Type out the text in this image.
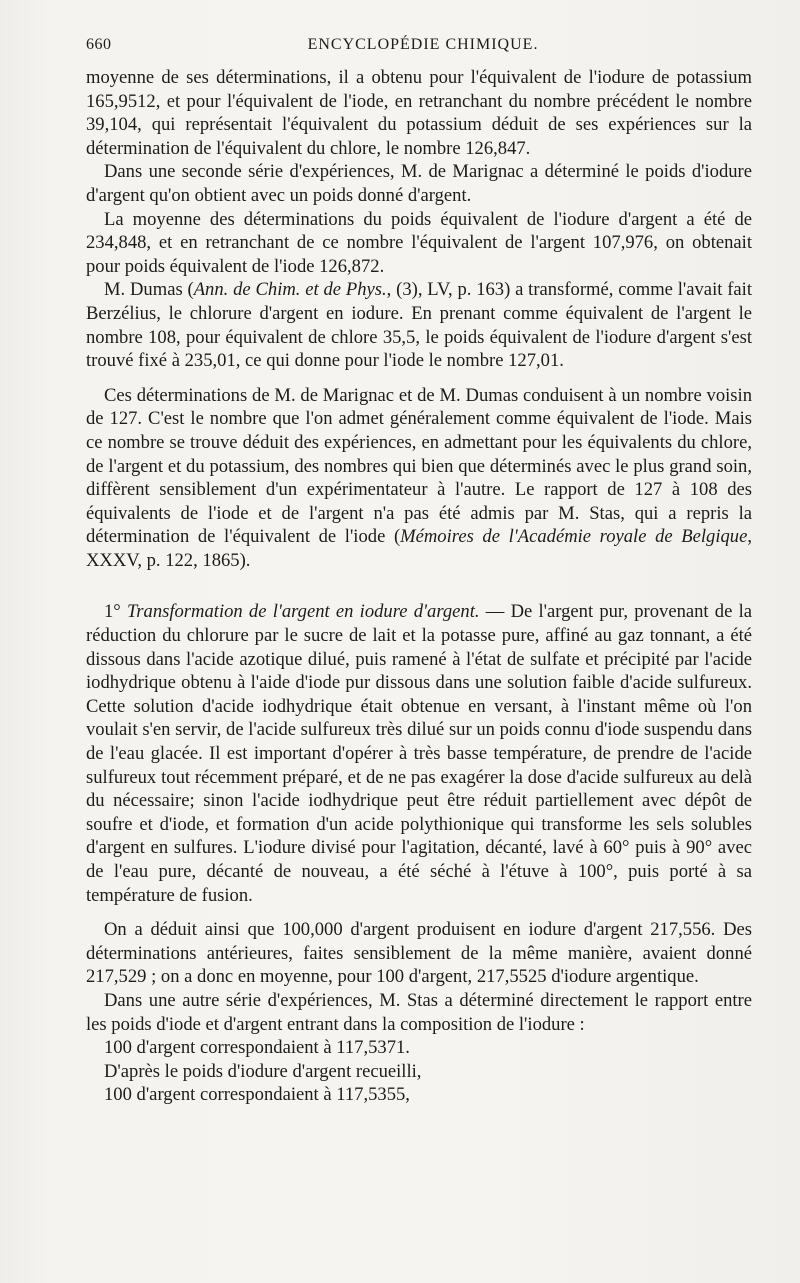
660	ENCYCLOPÉDIE CHIMIQUE.

moyenne de ses déterminations, il a obtenu pour l'équivalent de l'iodure de potassium 165,9512, et pour l'équivalent de l'iode, en retranchant du nombre précédent le nombre 39,104, qui représentait l'équivalent du potassium déduit de ses expériences sur la détermination de l'équivalent du chlore, le nombre 126,847.

Dans une seconde série d'expériences, M. de Marignac a déterminé le poids d'iodure d'argent qu'on obtient avec un poids donné d'argent.

La moyenne des déterminations du poids équivalent de l'iodure d'argent a été de 234,848, et en retranchant de ce nombre l'équivalent de l'argent 107,976, on obtenait pour poids équivalent de l'iode 126,872.

M. Dumas (Ann. de Chim. et de Phys., (3), LV, p. 163) a transformé, comme l'avait fait Berzélius, le chlorure d'argent en iodure. En prenant comme équivalent de l'argent le nombre 108, pour équivalent de chlore 35,5, le poids équivalent de l'iodure d'argent s'est trouvé fixé à 235,01, ce qui donne pour l'iode le nombre 127,01.

Ces déterminations de M. de Marignac et de M. Dumas conduisent à un nombre voisin de 127. C'est le nombre que l'on admet généralement comme équivalent de l'iode. Mais ce nombre se trouve déduit des expériences, en admettant pour les équivalents du chlore, de l'argent et du potassium, des nombres qui bien que déterminés avec le plus grand soin, diffèrent sensiblement d'un expérimentateur à l'autre. Le rapport de 127 à 108 des équivalents de l'iode et de l'argent n'a pas été admis par M. Stas, qui a repris la détermination de l'équivalent de l'iode (Mémoires de l'Académie royale de Belgique, XXXV, p. 122, 1865).

1° Transformation de l'argent en iodure d'argent. — De l'argent pur, provenant de la réduction du chlorure par le sucre de lait et la potasse pure, affiné au gaz tonnant, a été dissous dans l'acide azotique dilué, puis ramené à l'état de sulfate et précipité par l'acide iodhydrique obtenu à l'aide d'iode pur dissous dans une solution faible d'acide sulfureux. Cette solution d'acide iodhydrique était obtenue en versant, à l'instant même où l'on voulait s'en servir, de l'acide sulfureux très dilué sur un poids connu d'iode suspendu dans de l'eau glacée. Il est important d'opérer à très basse température, de prendre de l'acide sulfureux tout récemment préparé, et de ne pas exagérer la dose d'acide sulfureux au delà du nécessaire; sinon l'acide iodhydrique peut être réduit partiellement avec dépôt de soufre et d'iode, et formation d'un acide polythionique qui transforme les sels solubles d'argent en sulfures. L'iodure divisé pour l'agitation, décanté, lavé à 60° puis à 90° avec de l'eau pure, décanté de nouveau, a été séché à l'étuve à 100°, puis porté à sa température de fusion.

On a déduit ainsi que 100,000 d'argent produisent en iodure d'argent 217,556. Des déterminations antérieures, faites sensiblement de la même manière, avaient donné 217,529 ; on a donc en moyenne, pour 100 d'argent, 217,5525 d'iodure argentique.

Dans une autre série d'expériences, M. Stas a déterminé directement le rapport entre les poids d'iode et d'argent entrant dans la composition de l'iodure :

100 d'argent correspondaient à 117,5371.

D'après le poids d'iodure d'argent recueilli,

100 d'argent correspondaient à 117,5355,
